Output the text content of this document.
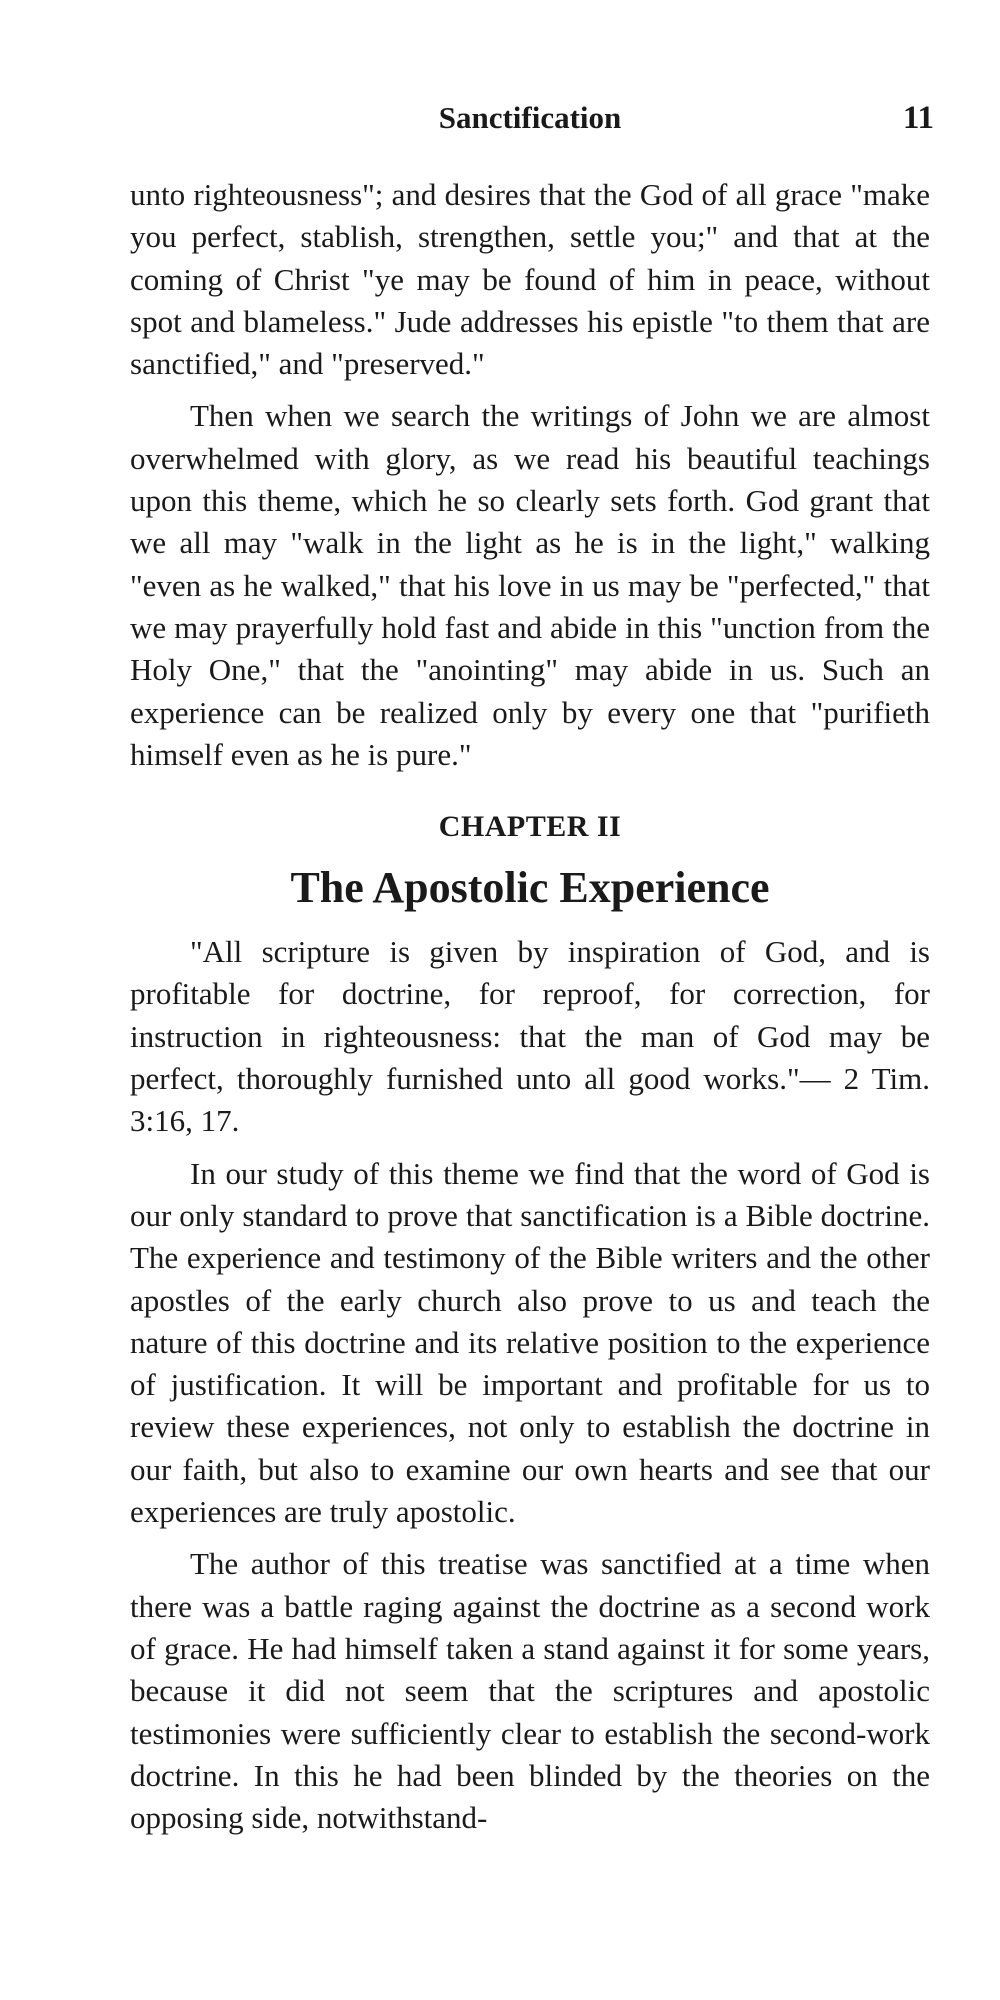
Sanctification	11

unto righteousness"; and desires that the God of all grace "make you perfect, stablish, strengthen, settle you;" and that at the coming of Christ "ye may be found of him in peace, without spot and blameless." Jude addresses his epistle "to them that are sanctified," and "preserved."

Then when we search the writings of John we are almost overwhelmed with glory, as we read his beautiful teachings upon this theme, which he so clearly sets forth. God grant that we all may "walk in the light as he is in the light," walking "even as he walked," that his love in us may be "perfected," that we may prayerfully hold fast and abide in this "unction from the Holy One," that the "anointing" may abide in us. Such an experience can be realized only by every one that "purifieth himself even as he is pure."

CHAPTER II
The Apostolic Experience

"All scripture is given by inspiration of God, and is profitable for doctrine, for reproof, for correction, for instruction in righteousness: that the man of God may be perfect, thoroughly furnished unto all good works."— 2 Tim. 3:16, 17.

In our study of this theme we find that the word of God is our only standard to prove that sanctification is a Bible doctrine. The experience and testimony of the Bible writers and the other apostles of the early church also prove to us and teach the nature of this doctrine and its relative position to the experience of justification. It will be important and profitable for us to review these experiences, not only to establish the doctrine in our faith, but also to examine our own hearts and see that our experiences are truly apostolic.

The author of this treatise was sanctified at a time when there was a battle raging against the doctrine as a second work of grace. He had himself taken a stand against it for some years, because it did not seem that the scriptures and apostolic testimonies were sufficiently clear to establish the second-work doctrine. In this he had been blinded by the theories on the opposing side, notwithstand-
